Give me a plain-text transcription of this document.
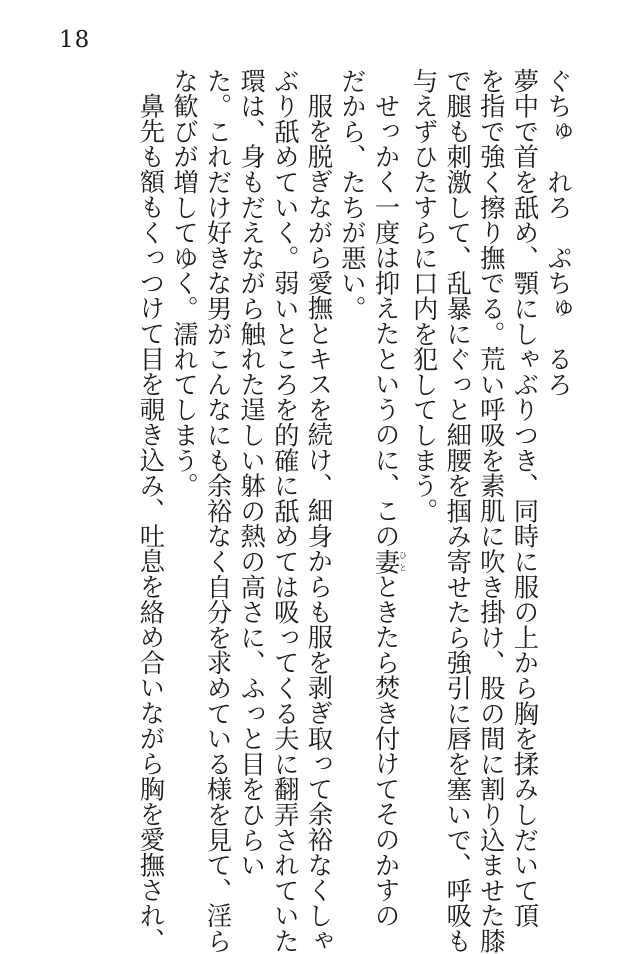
18

ぐちゅ　れろ　ぷちゅ　るろ

夢中で首を舐め、顎にしゃぶりつき、同時に服の上から胸を揉みしだいて頂

を指で強く擦り撫でる。荒い呼吸を素肌に吹き掛け、股の間に割り込ませた膝

で腿も刺激して、乱暴にぐっと細腰を掴み寄せたら強引に唇を塞いで、呼吸も

与えずひたすらに口内を犯してしまう。

せっかく一度は抑えたというのに、この妻ひとときたら焚き付けてそのかすの

だから、たちが悪い。

服を脱ぎながら愛撫とキスを続け、細身からも服を剥ぎ取って余裕なくしゃ

ぶり舐めていく。弱いところを的確に舐めては吸ってくる夫に翻弄されていた

環は、身もだえながら触れた逞しい躰の熱の高さに、ふっと目をひらい

た。これだけ好きな男がこんなにも余裕なく自分を求めている様を見て、淫ら

な歓びが増してゆく。濡れてしまう。

鼻先も額もくっつけて目を覗き込み、吐息を絡め合いながら胸を愛撫され、
